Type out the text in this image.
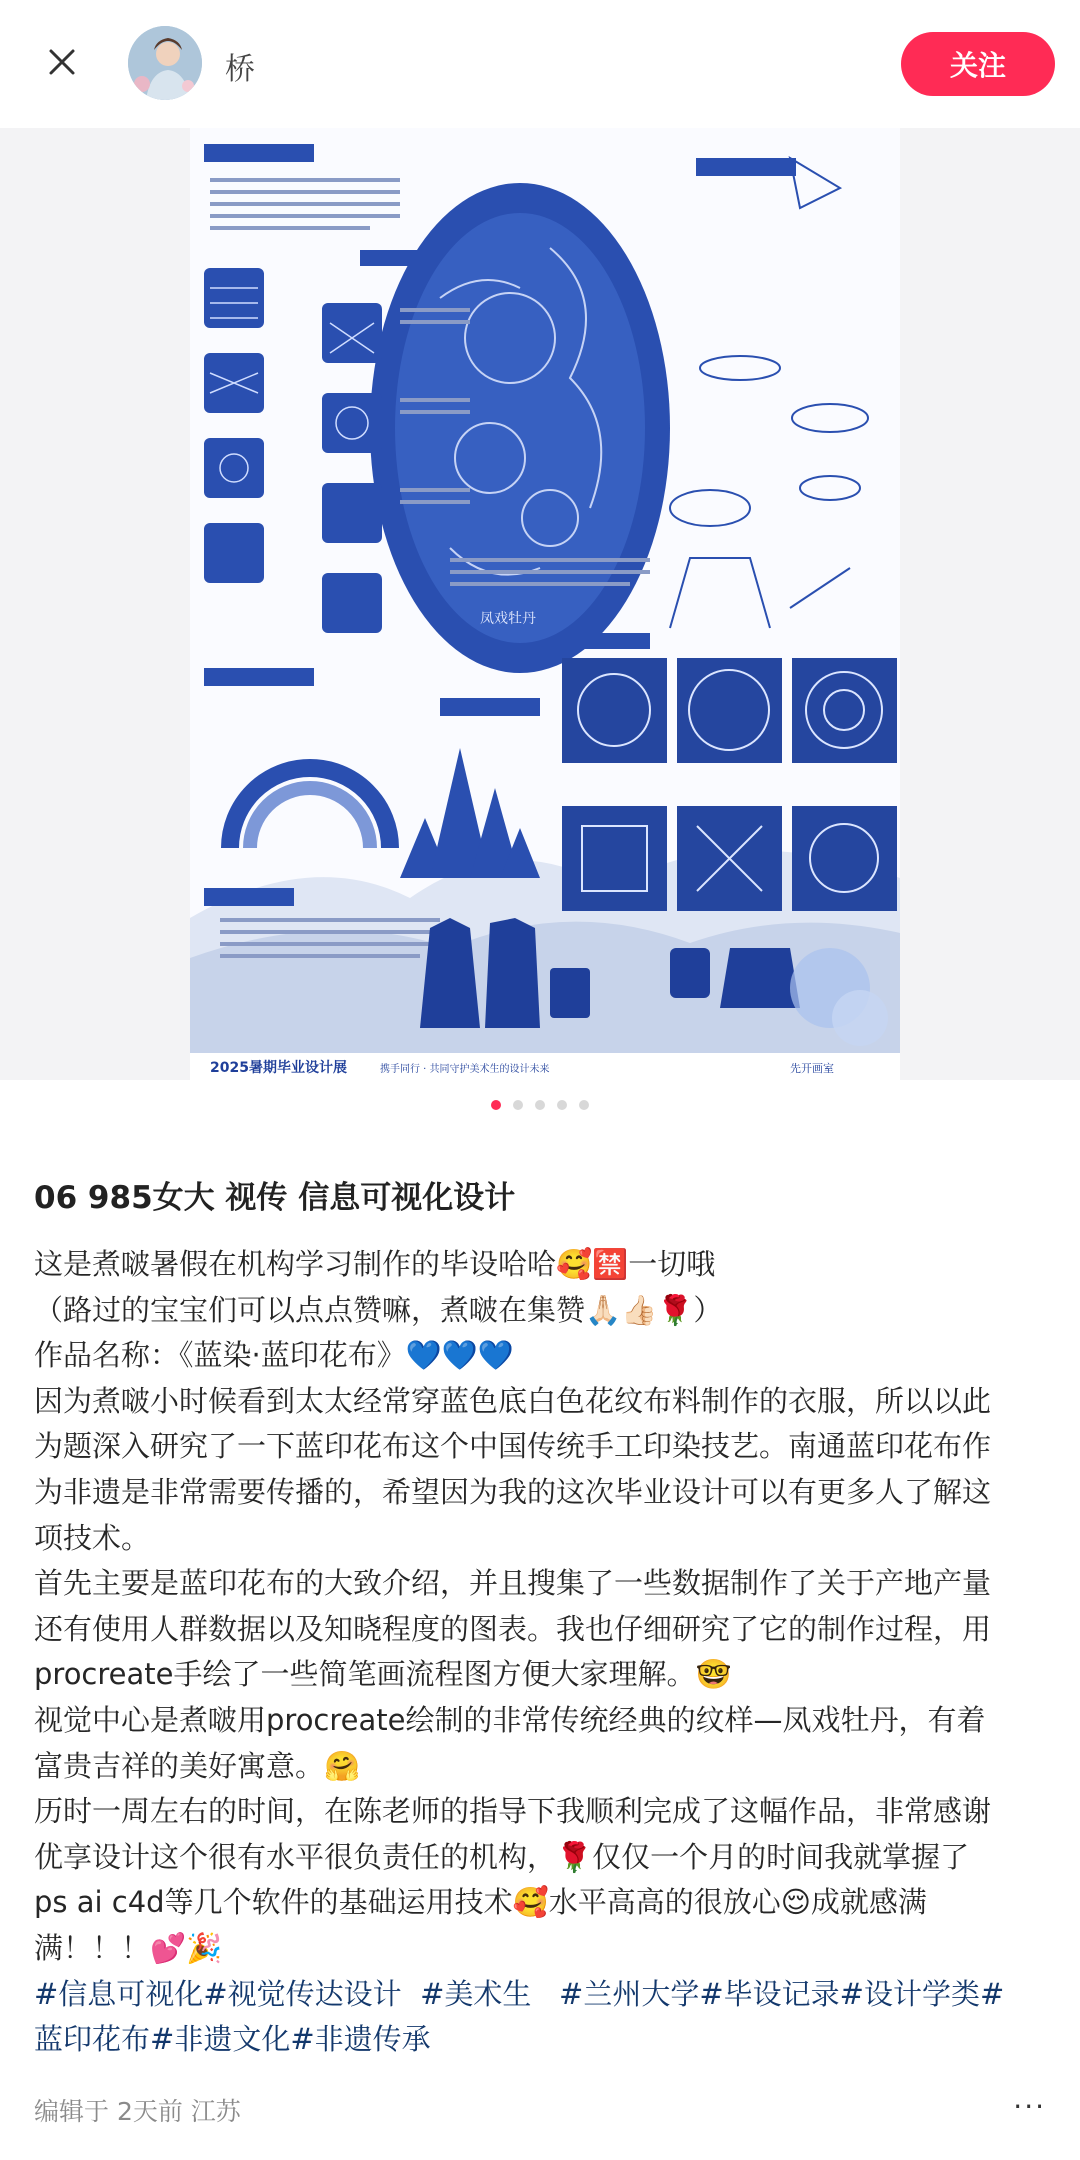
桥	关注
凤戏牡丹
2025暑期毕业设计展	携手同行 · 共同守护美术生的设计未来	先开画室
06 985女大 视传 信息可视化设计

这是煮啵暑假在机构学习制作的毕设哈哈🥰🈲一切哦

（路过的宝宝们可以点点赞嘛，煮啵在集赞🙏🏻👍🏻🌹）

作品名称：《蓝染·蓝印花布》💙💙💙

因为煮啵小时候看到太太经常穿蓝色底白色花纹布料制作的衣服，所以以此

为题深入研究了一下蓝印花布这个中国传统手工印染技艺。南通蓝印花布作

为非遗是非常需要传播的，希望因为我的这次毕业设计可以有更多人了解这

项技术。

首先主要是蓝印花布的大致介绍，并且搜集了一些数据制作了关于产地产量

还有使用人群数据以及知晓程度的图表。我也仔细研究了它的制作过程，用

procreate手绘了一些简笔画流程图方便大家理解。🤓

视觉中心是煮啵用procreate绘制的非常传统经典的纹样—凤戏牡丹，有着

富贵吉祥的美好寓意。🤗

历时一周左右的时间，在陈老师的指导下我顺利完成了这幅作品，非常感谢

优享设计这个很有水平很负责任的机构，🌹仅仅一个月的时间我就掌握了

ps ai c4d等几个软件的基础运用技术🥰水平高高的很放心😌成就感满

满！！！💕🎉

#信息可视化#视觉传达设计 #美术生 #兰州大学#毕设记录#设计学类#

蓝印花布#非遗文化#非遗传承

编辑于 2天前 江苏	···
